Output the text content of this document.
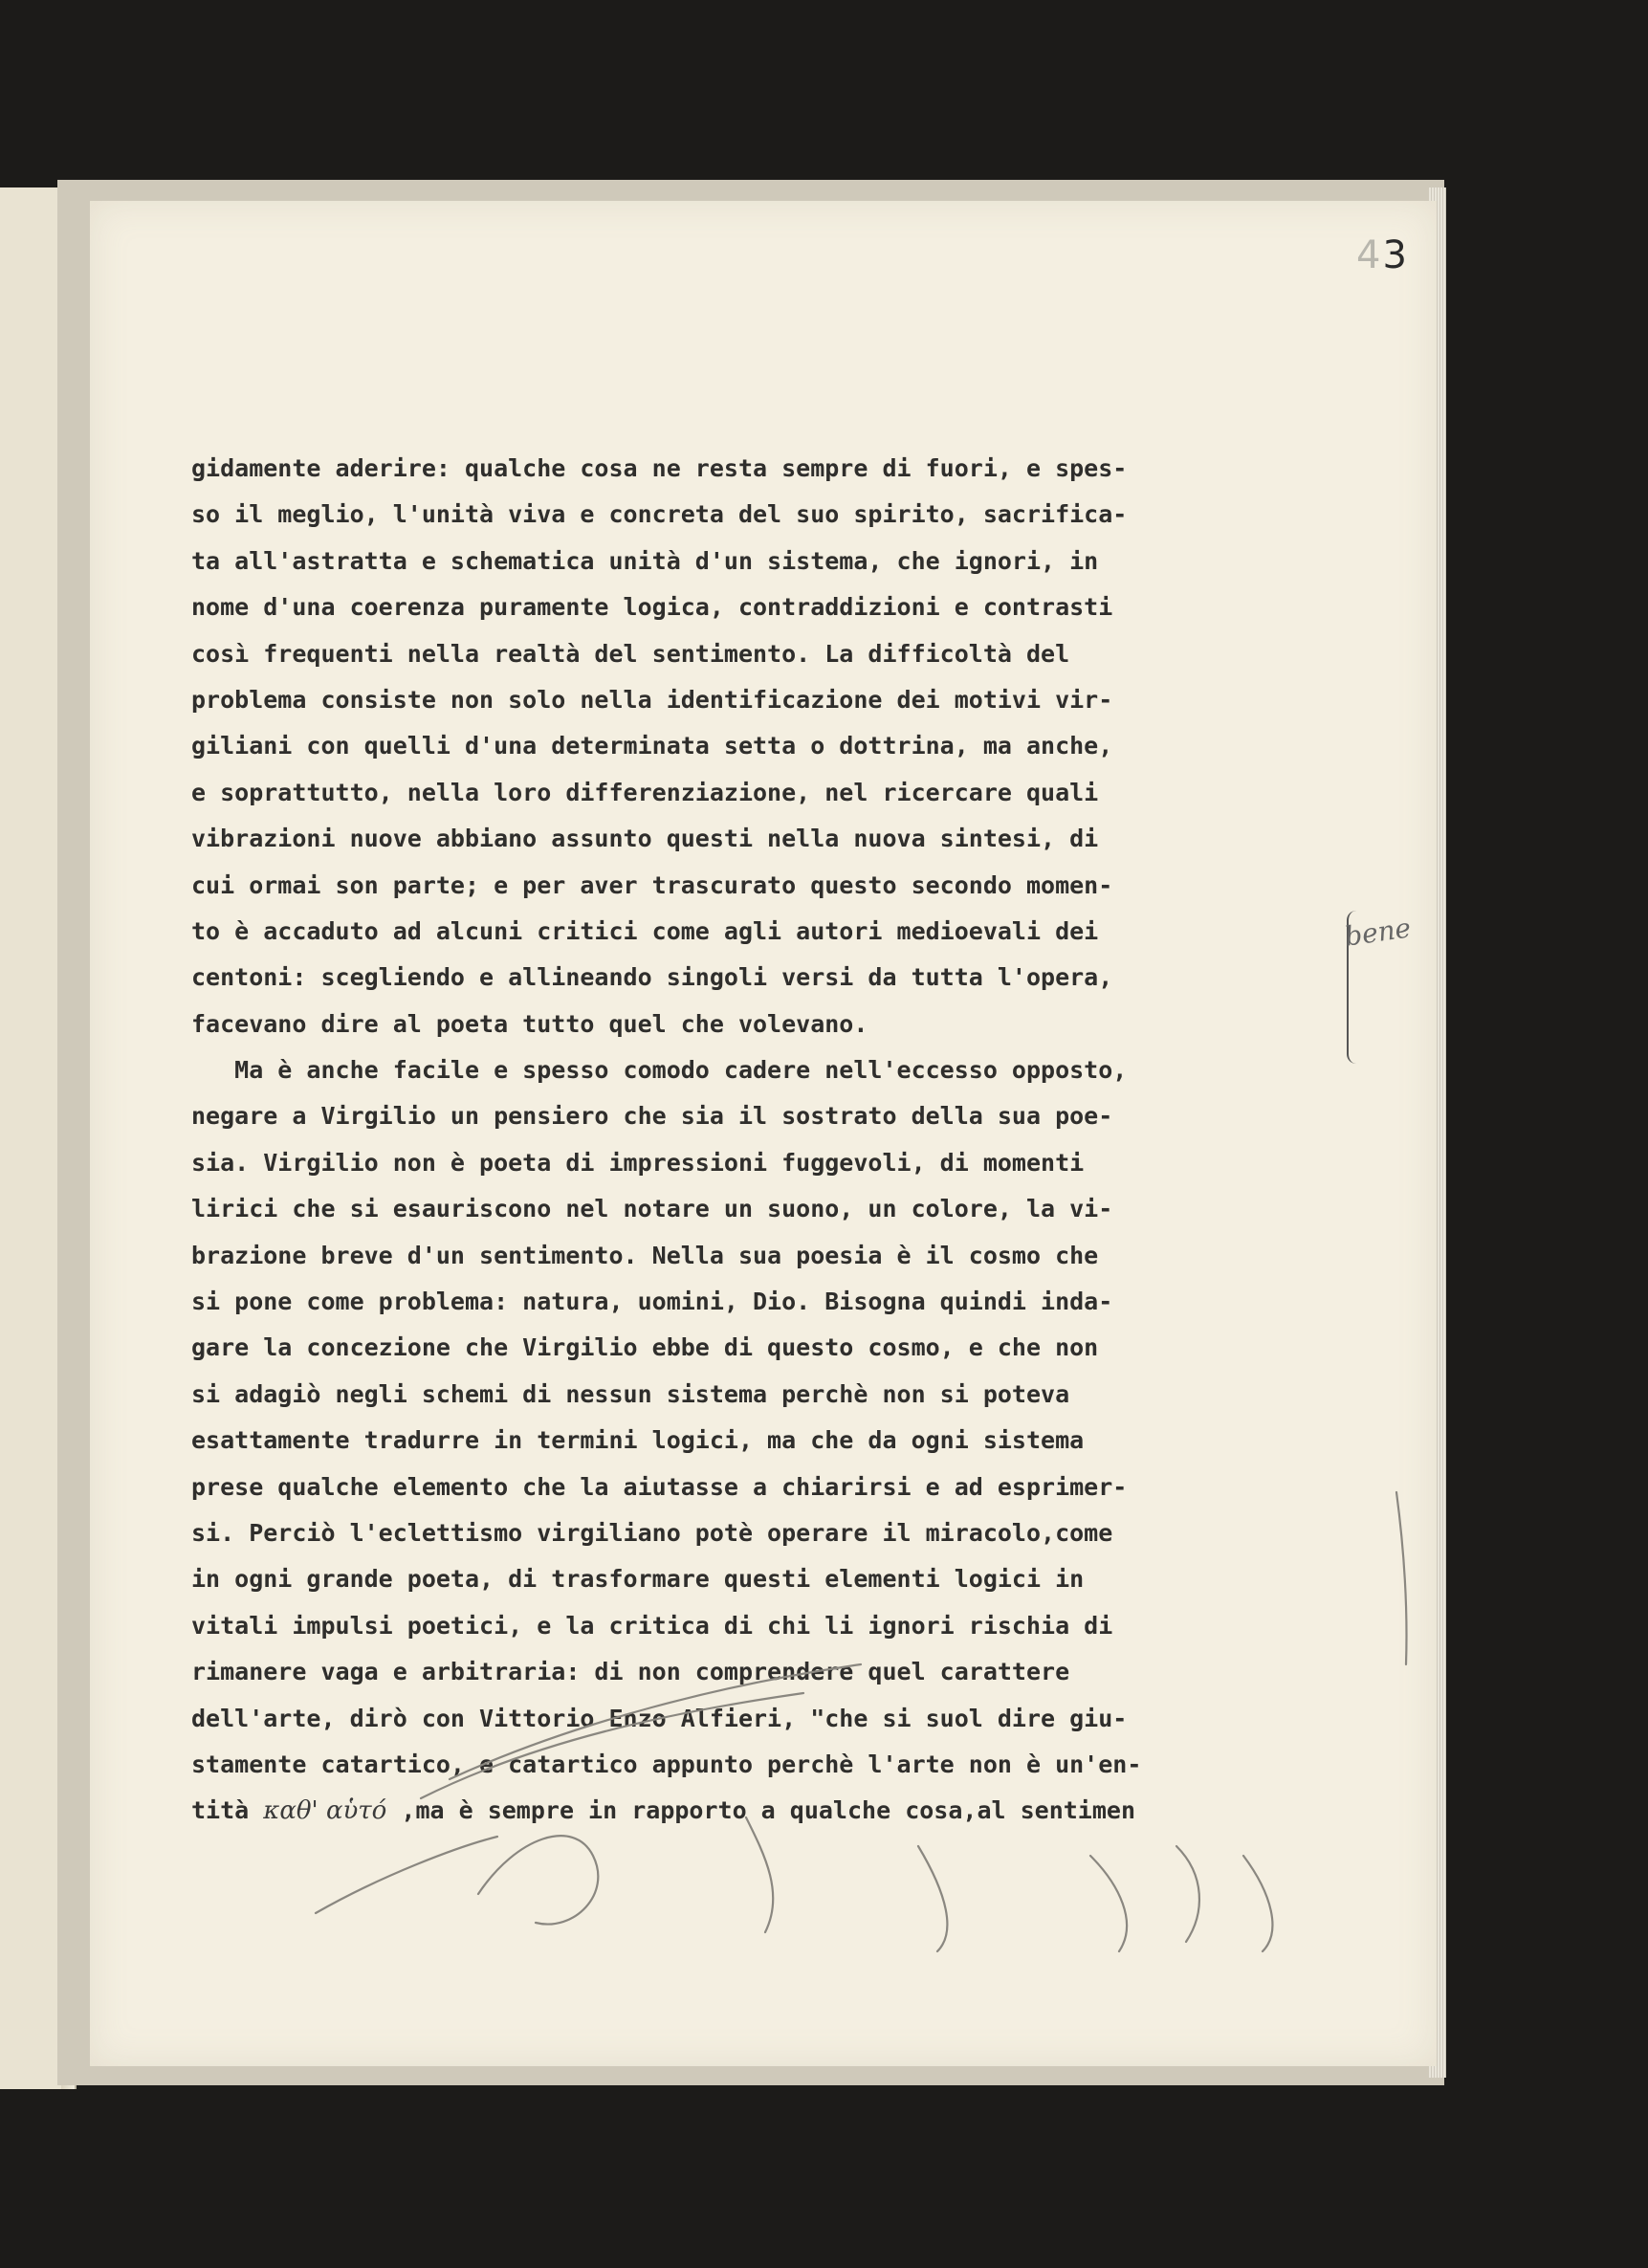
43
gidamente aderire: qualche cosa ne resta sempre di fuori, e spes-
so il meglio, l'unità viva e concreta del suo spirito, sacrifica-
ta all'astratta e schematica unità d'un sistema, che ignori, in
nome d'una coerenza puramente logica, contraddizioni e contrasti
così frequenti nella realtà del sentimento. La difficoltà del
problema consiste non solo nella identificazione dei motivi vir-
giliani con quelli d'una determinata setta o dottrina, ma anche,
e soprattutto, nella loro differenziazione, nel ricercare quali
vibrazioni nuove abbiano assunto questi nella nuova sintesi, di
cui ormai son parte; e per aver trascurato questo secondo momen-
to è accaduto ad alcuni critici come agli autori medioevali dei
centoni: scegliendo e allineando singoli versi da tutta l'opera,
facevano dire al poeta tutto quel che volevano.
Ma è anche facile e spesso comodo cadere nell'eccesso opposto,
negare a Virgilio un pensiero che sia il sostrato della sua poe-
sia. Virgilio non è poeta di impressioni fuggevoli, di momenti
lirici che si esauriscono nel notare un suono, un colore, la vi-
brazione breve d'un sentimento. Nella sua poesia è il cosmo che
si pone come problema: natura, uomini, Dio. Bisogna quindi inda-
gare la concezione che Virgilio ebbe di questo cosmo, e che non
si adagiò negli schemi di nessun sistema perchè non si poteva
esattamente tradurre in termini logici, ma che da ogni sistema
prese qualche elemento che la aiutasse a chiarirsi e ad esprimer-
si. Perciò l'eclettismo virgiliano potè operare il miracolo,come
in ogni grande poeta, di trasformare questi elementi logici in
vitali impulsi poetici, e la critica di chi li ignori rischia di
rimanere vaga e arbitraria: di non comprendere quel carattere
dell'arte, dirò con Vittorio Enzo Alfieri, "che si suol dire giu-
stamente catartico, e catartico appunto perchè l'arte non è un'en-
tità καθ' αὑτό ,ma è sempre in rapporto a qualche cosa,al sentimen
bene
